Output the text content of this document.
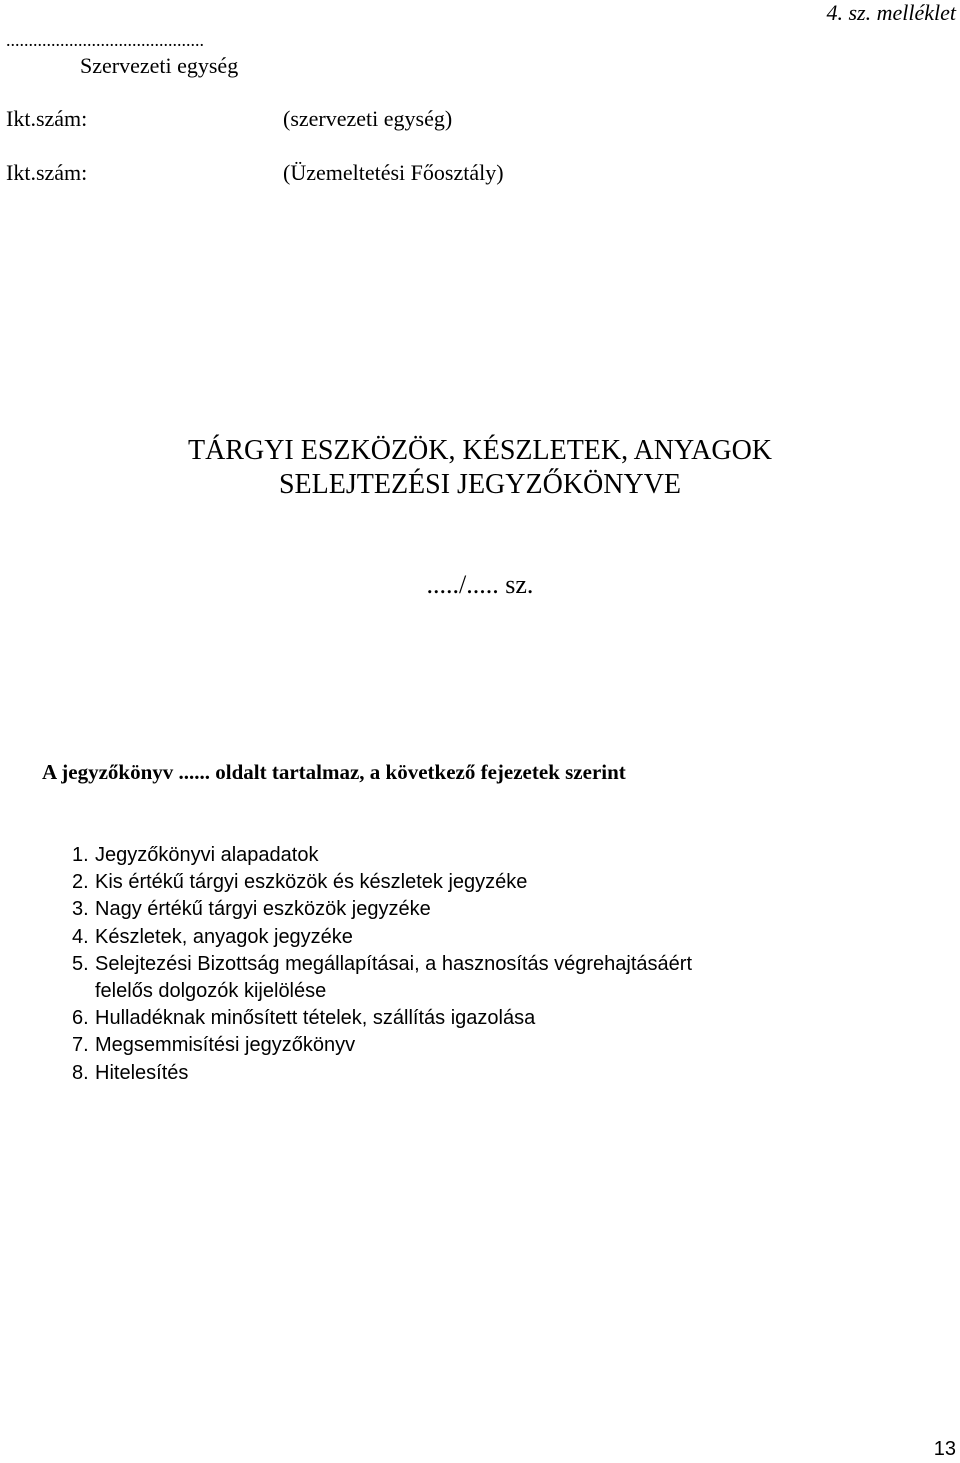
4. sz. melléklet
............................................
Szervezeti egység
Ikt.szám:	(szervezeti egység)
Ikt.szám:	(Üzemeltetési Főosztály)
TÁRGYI ESZKÖZÖK, KÉSZLETEK, ANYAGOK
SELEJTEZÉSI JEGYZŐKÖNYVE
...../..... sz.
A jegyzőkönyv ...... oldalt tartalmaz, a következő fejezetek szerint
1. Jegyzőkönyvi alapadatok
2. Kis értékű tárgyi eszközök és készletek jegyzéke
3. Nagy értékű tárgyi eszközök jegyzéke
4. Készletek, anyagok jegyzéke
5. Selejtezési Bizottság megállapításai, a hasznosítás végrehajtásáért felelős dolgozók kijelölése
6. Hulladéknak minősített tételek, szállítás igazolása
7. Megsemmisítési jegyzőkönyv
8. Hitelesítés
13
